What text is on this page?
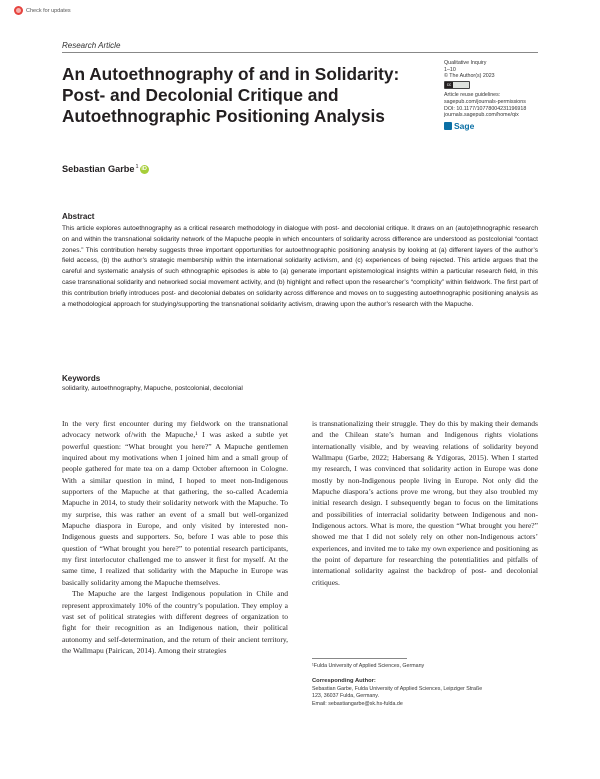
Check for updates
Research Article
An Autoethnography of and in Solidarity:
Post- and Decolonial Critique and
Autoethnographic Positioning Analysis
Qualitative Inquiry
1–10
© The Author(s) 2023
cc
Article reuse guidelines:
sagepub.com/journals-permissions
DOI: 10.1177/10778004231196918
journals.sagepub.com/home/qix
Sage
Sebastian Garbe$^1$ iD
Abstract

This article explores autoethnography as a critical research methodology in dialogue with post- and decolonial critique. It draws on an (auto)ethnographic research on and within the transnational solidarity network of the Mapuche people in which encounters of solidarity across difference are understood as postcolonial “contact zones.” This contribution hereby suggests three important opportunities for autoethnographic positioning analysis by looking at (a) different layers of the author’s field access, (b) the author’s strategic membership within the international solidarity activism, and (c) experiences of being rejected. This article argues that the careful and systematic analysis of such ethnographic episodes is able to (a) generate important epistemological insights within a particular research field, in this case transnational solidarity and networked social movement activity, and (b) highlight and reflect upon the researcher’s “complicity” within fieldwork. The first part of this contribution briefly introduces post- and decolonial debates on solidarity across difference and moves on to suggesting autoethnographic positioning analysis as a methodological approach for studying/supporting the transnational solidarity activism, drawing upon the author’s research with the Mapuche.

Keywords

solidarity, autoethnography, Mapuche, postcolonial, decolonial

In the very first encounter during my fieldwork on the transnational advocacy network of/with the Mapuche,¹ I was asked a subtle yet powerful question: “What brought you here?” A Mapuche gentlemen inquired about my motivations when I joined him and a small group of people gathered for mate tea on a damp October afternoon in Cologne. With a similar question in mind, I hoped to meet non-Indigenous supporters of the Mapuche at that gathering, the so-called Academia Mapuche in 2014, to study their solidarity network with the Mapuche. To my surprise, this was rather an event of a small but well-organized Mapuche diaspora in Europe, and only visited by interested non-Indigenous guests and supporters. So, before I was able to pose this question of “What brought you here?” to potential research participants, my first interlocutor challenged me to answer it first for myself. At the same time, I realized that solidarity with the Mapuche in Europe was basically solidarity among the Mapuche themselves.

The Mapuche are the largest Indigenous population in Chile and represent approximately 10% of the country’s population. They employ a vast set of political strategies with different degrees of organization to fight for their recognition as an Indigenous nation, their political autonomy and self-determination, and the return of their ancient territory, the Wallmapu (Pairican, 2014). Among their strategies

is transnationalizing their struggle. They do this by making their demands and the Chilean state’s human and Indigenous rights violations internationally visible, and by weaving relations of solidarity beyond Wallmapu (Garbe, 2022; Habersang & Ydígoras, 2015). When I started my research, I was convinced that solidarity action in Europe was done mostly by non-Indigenous people living in Europe. Not only did the Mapuche diaspora’s actions prove me wrong, but they also troubled my initial research design. I subsequently began to focus on the limitations and possibilities of interracial solidarity between Indigenous and non-Indigenous actors. What is more, the question “What brought you here?” showed me that I did not solely rely on other non-Indigenous actors’ experiences, and invited me to take my own experience and positioning as the point of departure for researching the potentialities and pitfalls of international solidarity against the backdrop of post- and decolonial critiques.

¹Fulda University of Applied Sciences, Germany
Corresponding Author:
Sebastian Garbe, Fulda University of Applied Sciences, Leipziger Straße
123, 36037 Fulda, Germany.
Email: sebastiangarbe@sk.hs-fulda.de
